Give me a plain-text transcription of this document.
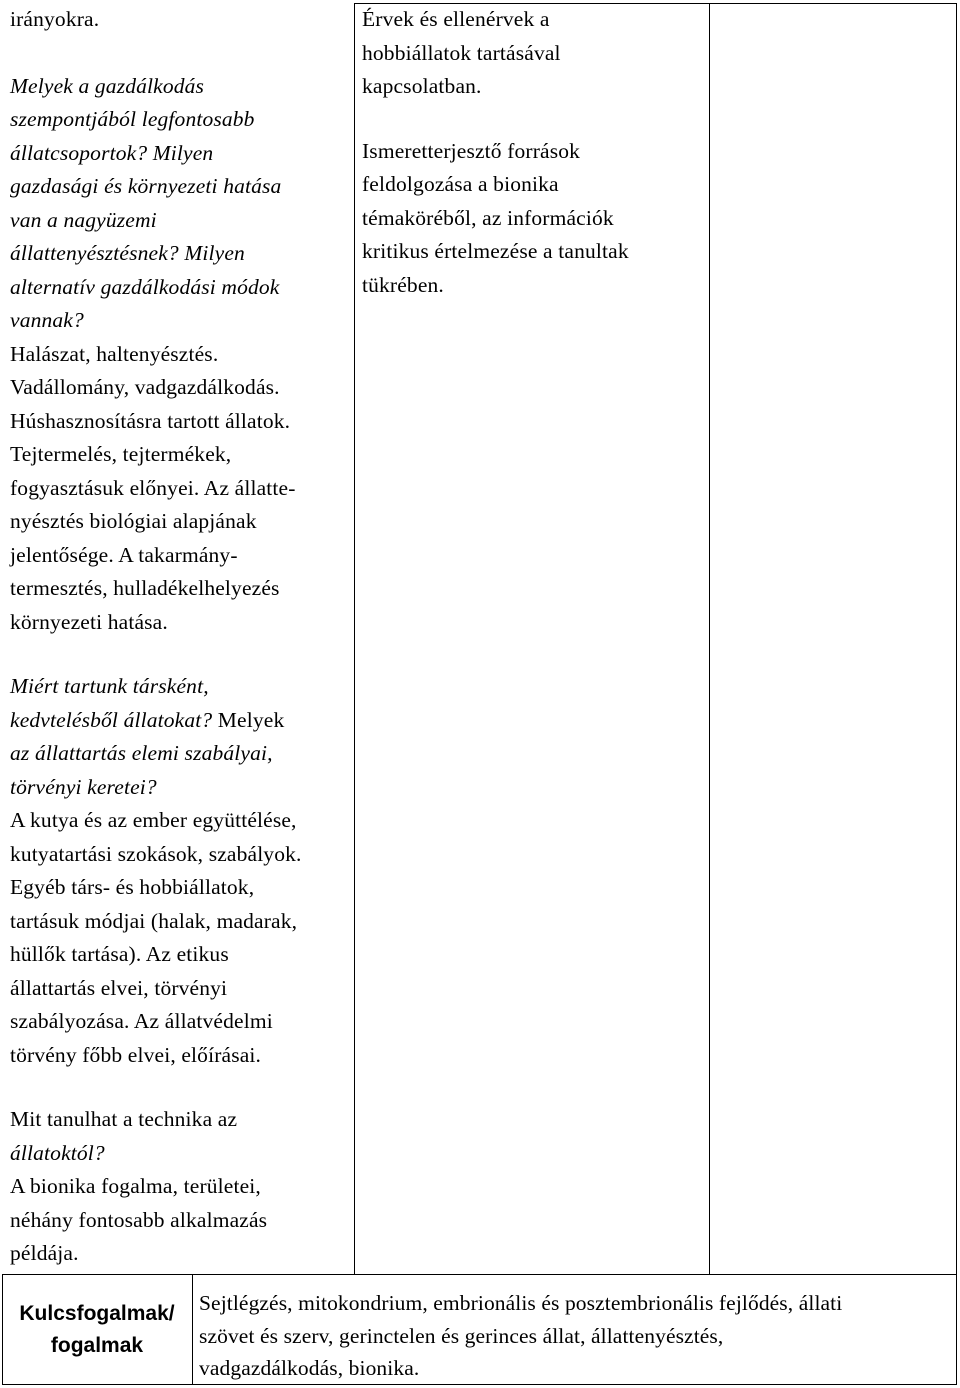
irányokra.

Melyek a gazdálkodás

szempontjából legfontosabb

állatcsoportok? Milyen

gazdasági és környezeti hatása

van a nagyüzemi

állattenyésztésnek? Milyen

alternatív gazdálkodási módok

vannak?

Halászat, haltenyésztés.

Vadállomány, vadgazdálkodás.

Húshasznosításra tartott állatok.

Tejtermelés, tejtermékek,

fogyasztásuk előnyei. Az állatte-

nyésztés biológiai alapjának

jelentősége. A takarmány-

termesztés, hulladékelhelyezés

környezeti hatása.

Miért tartunk társként,

kedvtelésből állatokat? Melyek

az állattartás elemi szabályai,

törvényi keretei?

A kutya és az ember együttélése,

kutyatartási szokások, szabályok.

Egyéb társ- és hobbiállatok,

tartásuk módjai (halak, madarak,

hüllők tartása). Az etikus

állattartás elvei, törvényi

szabályozása. Az állatvédelmi

törvény főbb elvei, előírásai.

Mit tanulhat a technika az

állatoktól?

A bionika fogalma, területei,

néhány fontosabb alkalmazás

példája.

Érvek és ellenérvek a

hobbiállatok tartásával

kapcsolatban.

Ismeretterjesztő források

feldolgozása a bionika

témaköréből, az információk

kritikus értelmezése a tanultak

tükrében.

Kulcsfogalmak/
fogalmak

Sejtlégzés, mitokondrium, embrionális és posztembrionális fejlődés, állati

szövet és szerv, gerinctelen és gerinces állat, állattenyésztés,

vadgazdálkodás, bionika.
